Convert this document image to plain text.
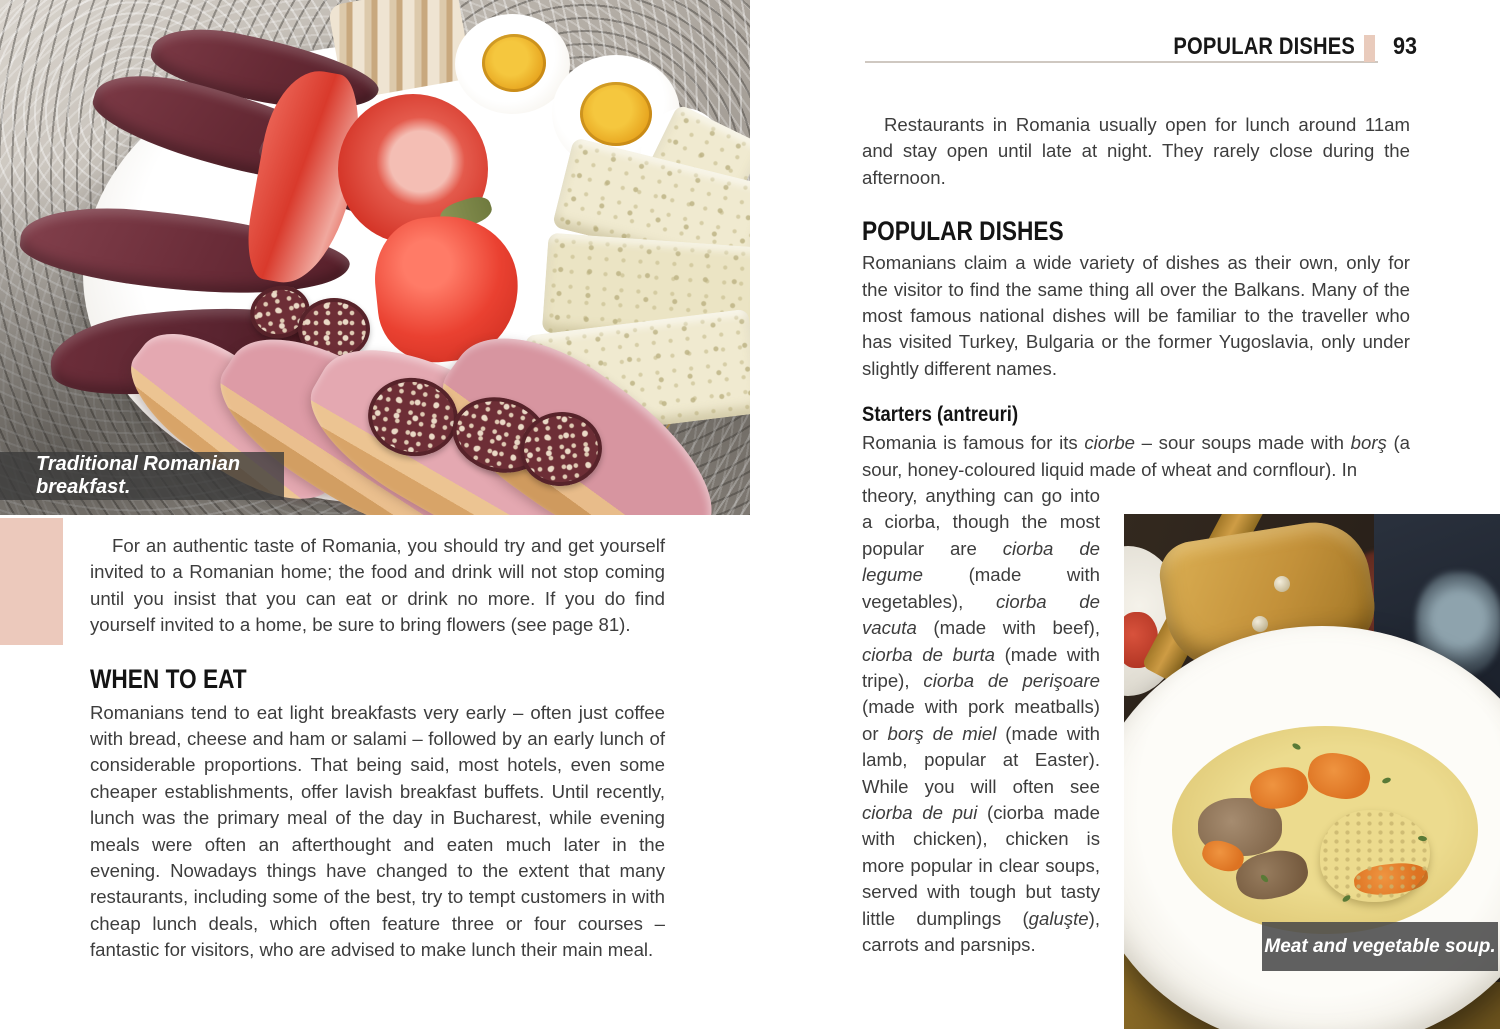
Traditional Romanian breakfast.

For an authentic taste of Romania, you should try and get yourself invited to a Romanian home; the food and drink will not stop coming until you insist that you can eat or drink no more. If you do find yourself invited to a home, be sure to bring flowers (see page 81).

WHEN TO EAT

Romanians tend to eat light breakfasts very early – often just coffee with bread, cheese and ham or salami – followed by an early lunch of considerable proportions. That being said, most hotels, even some cheaper establishments, offer lavish breakfast buffets. Until recently, lunch was the primary meal of the day in Bucharest, while evening meals were often an afterthought and eaten much later in the evening. Nowadays things have changed to the extent that many restaurants, including some of the best, try to tempt customers in with cheap lunch deals, which often feature three or four courses – fantastic for visitors, who are advised to make lunch their main meal.

POPULAR DISHES 93

Restaurants in Romania usually open for lunch around 11am and stay open until late at night. They rarely close during the afternoon.

POPULAR DISHES

Romanians claim a wide variety of dishes as their own, only for the visitor to find the same thing all over the Balkans. Many of the most famous national dishes will be familiar to the traveller who has visited Turkey, Bulgaria or the former Yugoslavia, only under slightly different names.

Starters (antreuri)

Romania is famous for its ciorbe – sour soups made with borş (a sour, honey-coloured liquid made of wheat and cornflour). In

theory, anything can go into a ciorba, though the most popular are ciorba de legume (made with vegetables), ciorba de vacuta (made with beef), ciorba de burta (made with tripe), ciorba de perişoare (made with pork meatballs) or borş de miel (made with lamb, popular at Easter). While you will often see ciorba de pui (ciorba made with chicken), chicken is more popular in clear soups, served with tough but tasty little dumplings (galuşte), carrots and parsnips.	Meat and vegetable soup.
